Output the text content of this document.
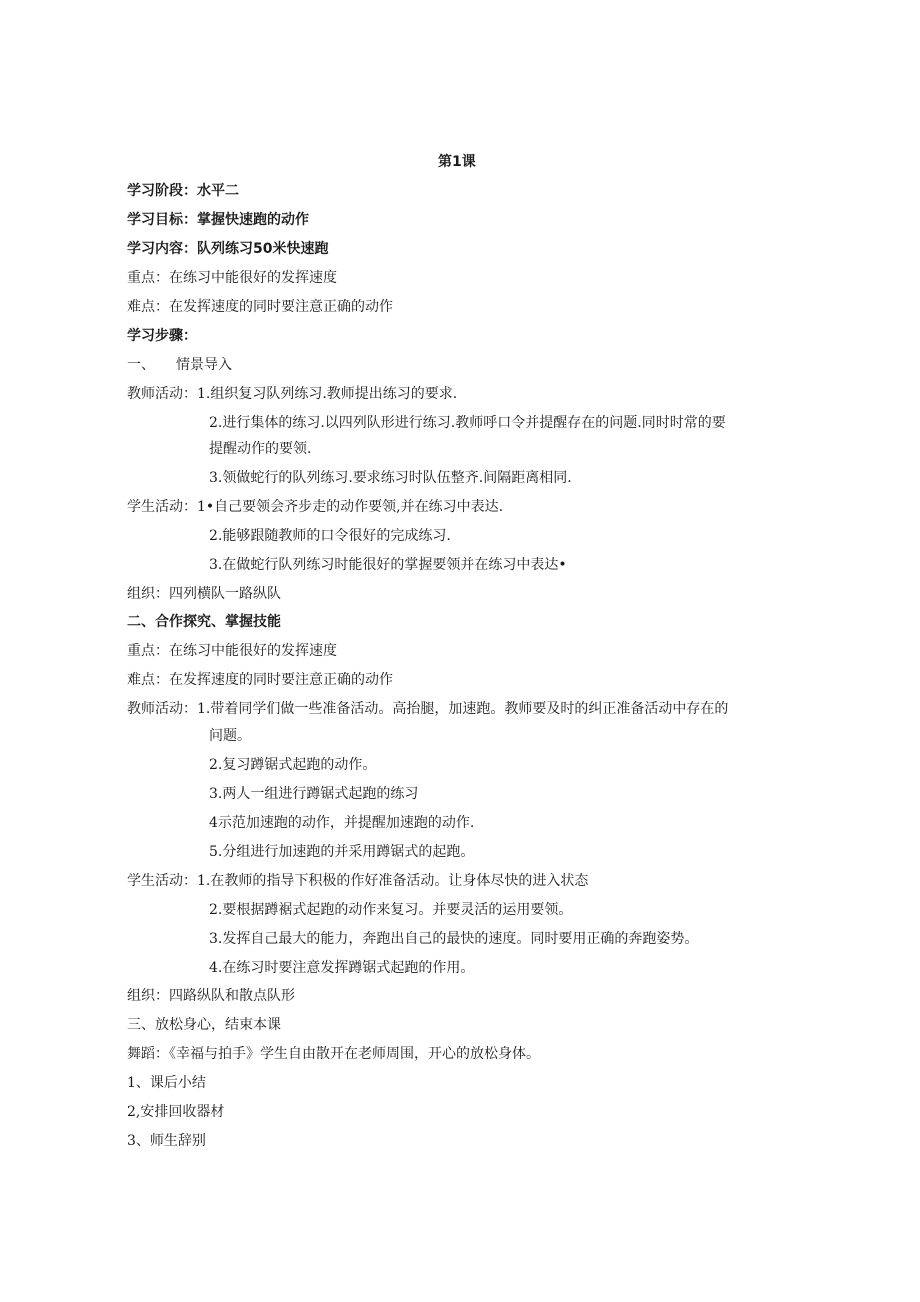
第1课
学习阶段：水平二
学习目标：掌握快速跑的动作
学习内容：队列练习50米快速跑
重点：在练习中能很好的发挥速度
难点：在发挥速度的同时要注意正确的动作
学习步骤：
一、　　情景导入
教师活动：1.组织复习队列练习.教师提出练习的要求.
2.进行集体的练习.以四列队形进行练习.教师呼口令并提醒存在的问题.同时时常的要
提醒动作的要领.
3.领做蛇行的队列练习.要求练习时队伍整齐.间隔距离相同.
学生活动：1•自己要领会齐步走的动作要领,并在练习中表达.
2.能够跟随教师的口令很好的完成练习.
3.在做蛇行队列练习时能很好的掌握要领并在练习中表达•
组织：四列横队一路纵队
二、合作探究、掌握技能
重点：在练习中能很好的发挥速度
难点：在发挥速度的同时要注意正确的动作
教师活动：1.带着同学们做一些准备活动。高抬腿，加速跑。教师要及时的纠正准备活动中存在的
问题。
2.复习蹲锯式起跑的动作。
3.两人一组进行蹲锯式起跑的练习
4示范加速跑的动作，并提醒加速跑的动作.
5.分组进行加速跑的并采用蹲锯式的起跑。
学生活动：1.在教师的指导下积极的作好准备活动。让身体尽快的进入状态
2.要根据蹲裾式起跑的动作来复习。并要灵活的运用要领。
3.发挥自己最大的能力，奔跑出自己的最快的速度。同时要用正确的奔跑姿势。
4.在练习时要注意发挥蹲锯式起跑的作用。
组织：四路纵队和散点队形
三、放松身心，结束本课
舞蹈：《幸福与拍手》学生自由散开在老师周围，开心的放松身体。
1、课后小结
2,安排回收器材
3、师生辞别
